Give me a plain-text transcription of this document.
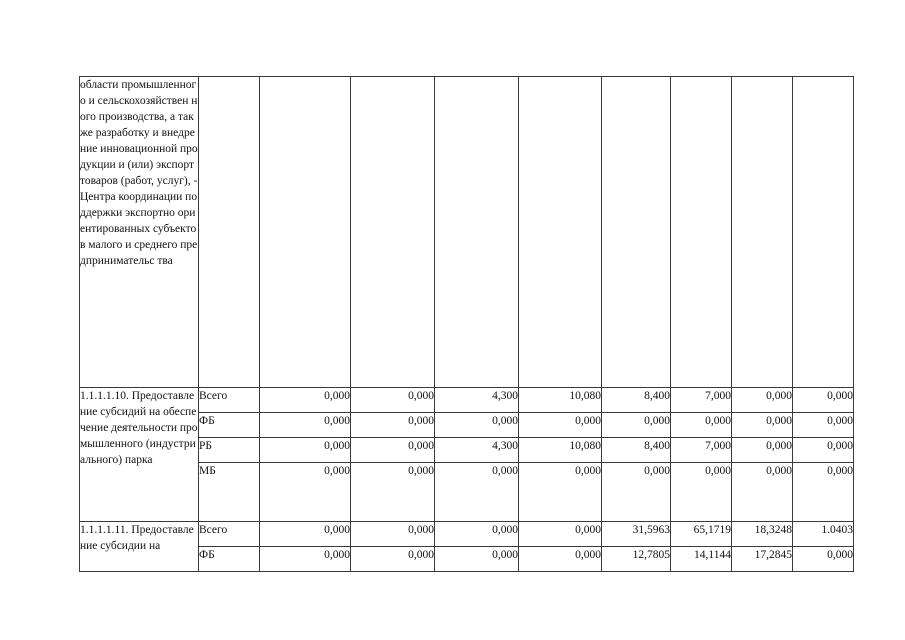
области промышленного и сельскохозяйствен ного производства, а также разработку и внедрение инновационной продукции и (или) экспорт товаров (работ, услуг), - Центра координации поддержки экспортно ориентированных субъектов малого и среднего предпринимательс тва									
1.1.1.1.10. Предоставление субсидий на обеспечение деятельности промышленного (индустриального) парка	Всего	0,000	0,000	4,300	10,080	8,400	7,000	0,000	0,000
	ФБ	0,000	0,000	0,000	0,000	0,000	0,000	0,000	0,000
	РБ	0,000	0,000	4,300	10,080	8,400	7,000	0,000	0,000
	МБ	0,000	0,000	0,000	0,000	0,000	0,000	0,000	0,000
1.1.1.1.11. Предоставление субсидии на	Всего	0,000	0,000	0,000	0,000	31,5963	65,1719	18,3248	1.0403
	ФБ	0,000	0,000	0,000	0,000	12,7805	14,1144	17,2845	0,000
